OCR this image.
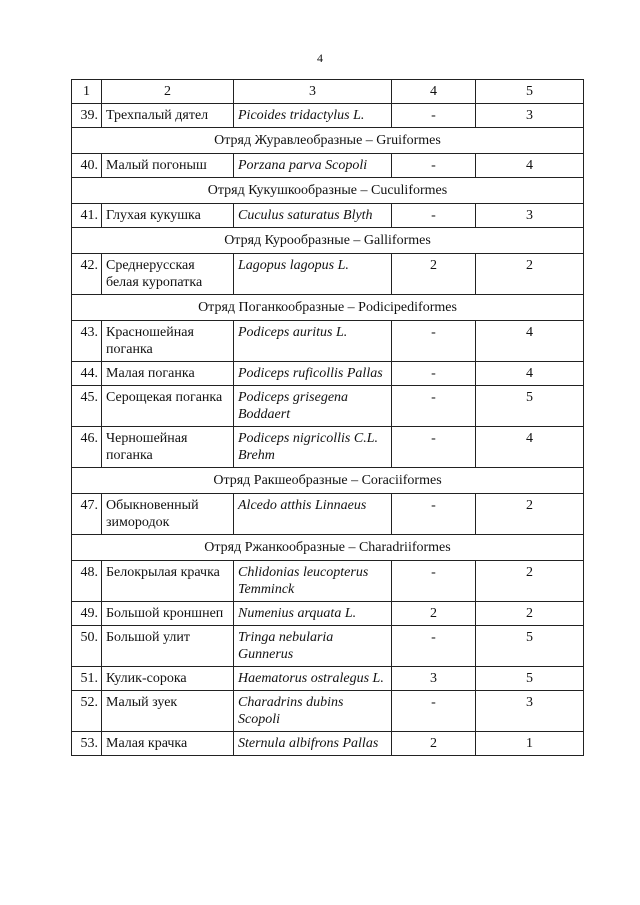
4
1	2	3	4	5
39.	Трехпалый дятел	Picoides tridactylus L.	-	3
Отряд Журавлеобразные – Gruiformes				
40.	Малый погоныш	Porzana parva Scopoli	-	4
Отряд Кукушкообразные – Cuculiformes				
41.	Глухая кукушка	Cuculus saturatus Blyth	-	3
Отряд Курообразные – Galliformes				
42.	Среднерусская белая куропатка	Lagopus lagopus L.	2	2
Отряд Поганкообразные – Podicipediformes				
43.	Красношейная поганка	Podiceps auritus L.	-	4
44.	Малая поганка	Podiceps ruficollis Pallas	-	4
45.	Серощекая поганка	Podiceps grisegena Boddaert	-	5
46.	Черношейная поганка	Podiceps nigricollis C.L. Brehm	-	4
Отряд Ракшеобразные – Coraciiformes				
47.	Обыкновенный зимородок	Alcedo atthis Linnaeus	-	2
Отряд Ржанкообразные – Charadriiformes				
48.	Белокрылая крачка	Chlidonias leucopterus Temminck	-	2
49.	Большой кроншнеп	Numenius arquata L.	2	2
50.	Большой улит	Tringa nebularia Gunnerus	-	5
51.	Кулик-сорока	Haematorus ostralegus L.	3	5
52.	Малый зуек	Charadrins dubins Scopoli	-	3
53.	Малая крачка	Sternula albifrons Pallas	2	1
